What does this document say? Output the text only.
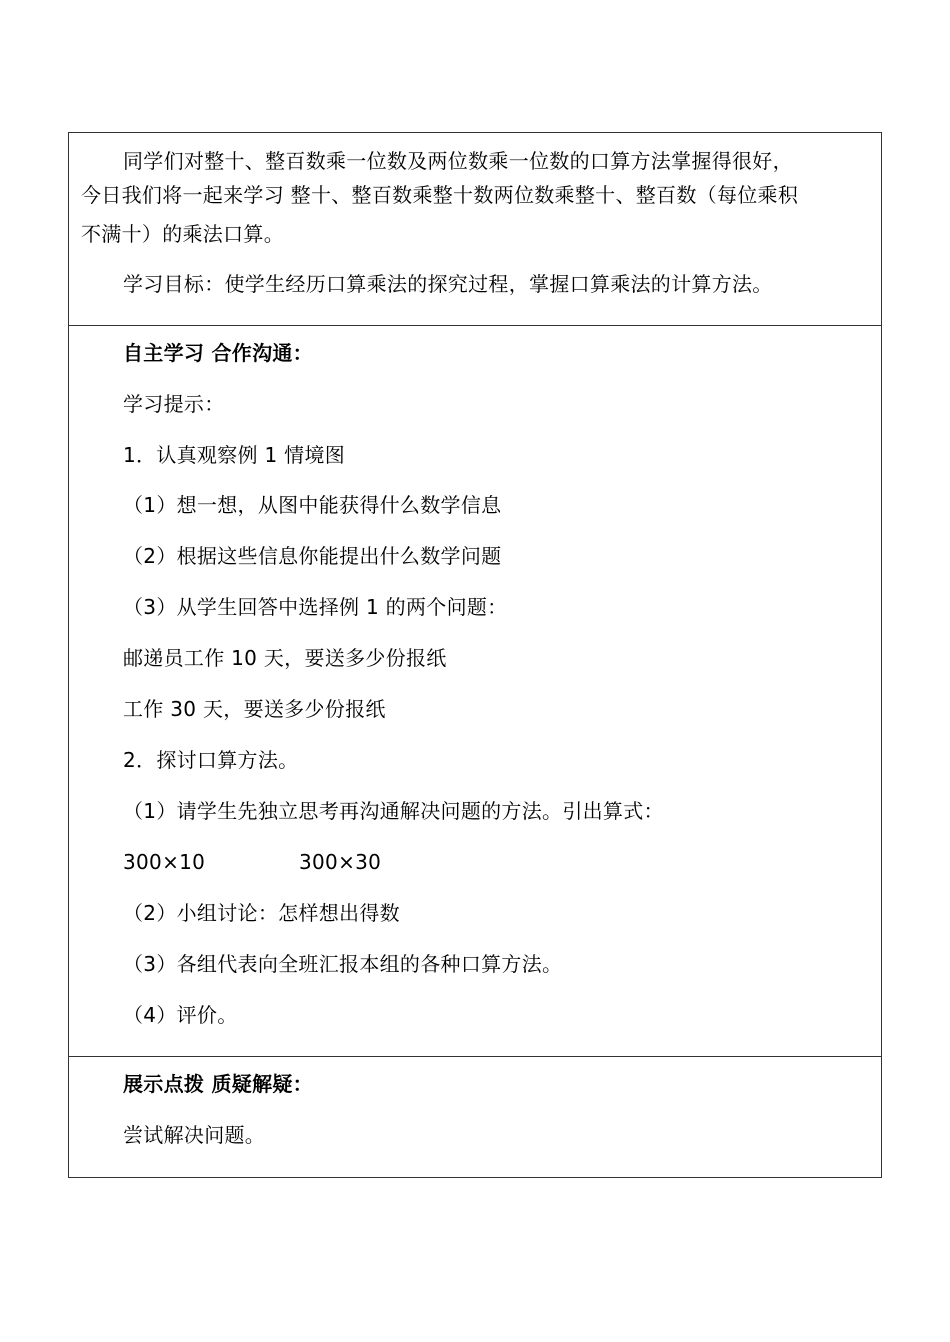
同学们对整十、整百数乘一位数及两位数乘一位数的口算方法掌握得很好，
今日我们将一起来学习 整十、整百数乘整十数两位数乘整十、整百数（每位乘积
不满十）的乘法口算。
学习目标：使学生经历口算乘法的探究过程，掌握口算乘法的计算方法。
自主学习 合作沟通：
学习提示：
1．认真观察例 1 情境图
（1）想一想，从图中能获得什么数学信息
（2）根据这些信息你能提出什么数学问题
（3）从学生回答中选择例 1 的两个问题：
邮递员工作 10 天，要送多少份报纸
工作 30 天，要送多少份报纸
2．探讨口算方法。
（1）请学生先独立思考再沟通解决问题的方法。引出算式：
300×10	300×30
（2）小组讨论：怎样想出得数
（3）各组代表向全班汇报本组的各种口算方法。
（4）评价。
展示点拨 质疑解疑：
尝试解决问题。
